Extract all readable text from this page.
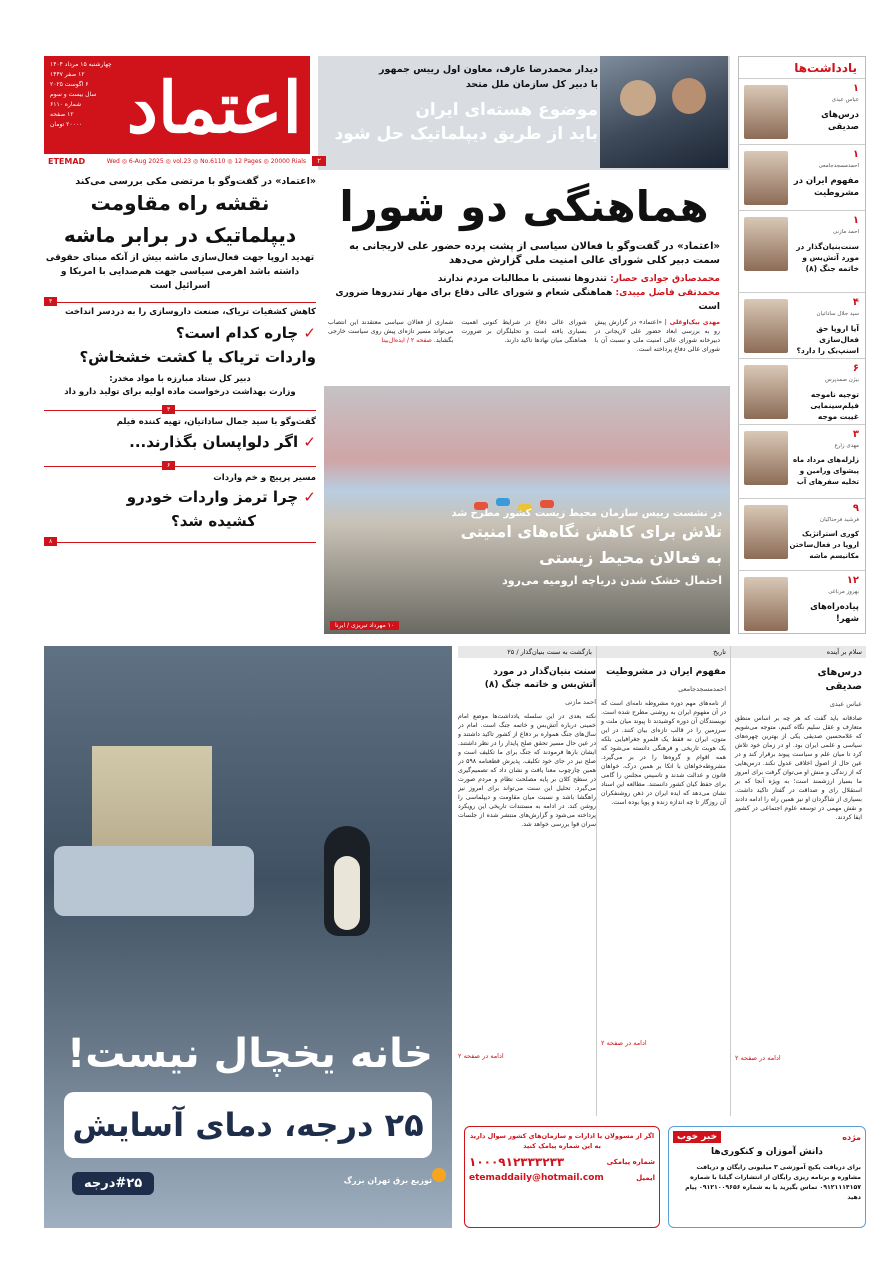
اعتماد
چهارشنبه ۱۵ مرداد ۱۴۰۴
۱۲ صفر ۱۴۴۷
۶ اگوست ۲۰۲۵
سال بیست و سوم
شماره ۶۱۱۰
۱۲ صفحه
۲۰۰۰۰ تومان
ETEMAD	Wed ◎ 6-Aug 2025 ◎ vol.23 ◎ No.6110 ◎ 12 Pages ◎ 20000 Rials
دیدار محمدرضا عارف، معاون اول رییس جمهور
با دبیر کل سازمان ملل متحد
موضوع هسته‌ای ایران
باید از طریق دیپلماتیک حل شود
۲
هماهنگی دو شورا
«اعتماد» در گفت‌وگو با فعالان سیاسی از پشت پرده حضور علی لاریجانی به سمت دبیر کلی شورای عالی امنیت ملی گزارش می‌دهد
محمدصادق جوادی حصار: تندروها نسبتی با مطالبات مردم ندارند
محمدتقی فاضل میبدی: هماهنگی شعام و شورای عالی دفاع برای مهار تندروها ضروری است
مهدی بیک‌اوغلی | «اعتماد» در گزارش پیش رو به بررسی ابعاد حضور علی لاریجانی در دبیرخانه شورای عالی امنیت ملی و نسبت آن با شورای عالی دفاع پرداخته است.
شورای عالی دفاع در شرایط کنونی اهمیت بسیاری یافته است و تحلیلگران بر ضرورت هماهنگی میان نهادها تاکید دارند.
شماری از فعالان سیاسی معتقدند این انتصاب می‌تواند مسیر تازه‌ای پیش روی سیاست خارجی بگشاید. صفحه ۲ / ایده‌ال‌بینا
در نشست رییس سازمان محیط زیست کشور مطرح شد
تلاش برای کاهش نگاه‌های امنیتی
به فعالان محیط زیستی
احتمال خشک شدن دریاچه ارومیه می‌رود
۱۰ مهرداد تبریزی / ایرنا
«اعتماد» در گفت‌وگو با مرتضی مکی بررسی می‌کند
نقشه راه مقاومت
دیپلماتیک در برابر ماشه
تهدید اروپا جهت فعال‌سازی ماشه بیش از آنکه مبنای حقوقی داشته باشد اهرمی سیاسی جهت هم‌صدایی با امریکا و اسرائیل است
۴
کاهش کشفیات تریاک، صنعت دارو‌سازی را به دردسر انداخت
✓ چاره کدام است؟
واردات تریاک یا کشت خشخاش؟
دبیر کل ستاد مبارزه با مواد مخدر:
وزارت بهداشت درخواست ماده اولیه برای تولید دارو داد
۳
گفت‌وگو با سید جمال ساداتیان، تهیه کننده فیلم
✓ اگر دلواپسان بگذارند...
۶
مسیر پرپیچ و خم واردات
✓ چرا ترمز واردات خودرو
کشیده شد؟
۸
یادداشت‌ها
۱
عباس عبدی
درس‌های صدیقی
۱
احمدمسجدجامعی
مفهوم ایران در مشروطیت
۱
احمد مازنی
سنت‌بنیان‌گذار در مورد آتش‌بس و خاتمه جنگ (۸)
۴
سید جلال ساداتیان
آیا اروپا حق فعال‌سازی اسنپ‌بک را دارد؟
۶
بیژن صمدپرس
توجیه ناموجه فیلم‌سینمایی غیبت موجه
۳
مهدی زارع
زلزله‌های مرداد ماه پیشوای ورامین و تخلیه سفرهای آب
۹
فرشید فرحناکیان
کوری استراتژیک اروپا در فعال‌ساختن مکانیسم ماشه
۱۲
بهروز مرباغی
پیاده‌راه‌های شهر!
خانه یخچال نیست!
۲۵ درجه، دمای آسایش
#۲۵درجه	توزیع برق تهران بزرگ
بازگشت به سنت بنیان‌گذار / ۲۵
سنت بنیان‌گذار در مورد آتش‌بس و خاتمه جنگ (۸)
احمد مازنی
نکته بعدی در این سلسله یادداشت‌ها موضع امام خمینی درباره آتش‌بس و خاتمه جنگ است. امام در سال‌های جنگ همواره بر دفاع از کشور تاکید داشتند و در عین حال مسیر تحقق صلح پایدار را در نظر داشتند. ایشان بارها فرمودند که جنگ برای ما تکلیف است و صلح نیز در جای خود تکلیف. پذیرش قطعنامه ۵۹۸ در همین چارچوب معنا یافت و نشان داد که تصمیم‌گیری در سطح کلان بر پایه مصلحت نظام و مردم صورت می‌گیرد. تحلیل این سنت می‌تواند برای امروز نیز راهگشا باشد و نسبت میان مقاومت و دیپلماسی را روشن کند. در ادامه به مستندات تاریخی این رویکرد پرداخته می‌شود و گزارش‌های منتشر شده از جلسات سران قوا بررسی خواهد شد.
ادامه در صفحه ۲
تاریخ
مفهوم ایران در مشروطیت
احمدمسجدجامعی
از نامه‌های مهم دوره مشروطه نامه‌ای است که در آن مفهوم ایران به روشنی مطرح شده است. نویسندگان آن دوره کوشیدند تا پیوند میان ملت و سرزمین را در قالب تازه‌ای بیان کنند. در این متون، ایران نه فقط یک قلمرو جغرافیایی بلکه یک هویت تاریخی و فرهنگی دانسته می‌شود که همه اقوام و گروه‌ها را در بر می‌گیرد. مشروطه‌خواهان با اتکا بر همین درک، خواهان قانون و عدالت شدند و تاسیس مجلس را گامی برای حفظ کیان کشور دانستند. مطالعه این اسناد نشان می‌دهد که ایده ایران در ذهن روشنفکران آن روزگار تا چه اندازه زنده و پویا بوده است.
ادامه در صفحه ۲
سلام بر آینده
درس‌های صدیقی
عباس عبدی
صادقانه باید گفت که هر چه بر اساس منطق متعارف و عقل سلیم نگاه کنیم، متوجه می‌شویم که غلامحسین صدیقی یکی از بهترین چهره‌های سیاسی و علمی ایران بود. او در زمان خود تلاش کرد تا میان علم و سیاست پیوند برقرار کند و در عین حال از اصول اخلاقی عدول نکند. درس‌هایی که از زندگی و منش او می‌توان گرفت برای امروز ما بسیار ارزشمند است؛ به ویژه آنجا که بر استقلال رای و صداقت در گفتار تاکید داشت. بسیاری از شاگردان او نیز همین راه را ادامه دادند و نقش مهمی در توسعه علوم اجتماعی در کشور ایفا کردند.
ادامه در صفحه ۲
اگر از مسوولان یا ادارات و سازمان‌های کشور سوال دارید به این شماره پیامک کنید
شماره پیامکی
۱۰۰۰۹۱۲۳۳۳۲۳۳
ایمیل
etemaddaily@hotmail.com
مژده
خبر خوب
دانش آموزان و کنکوری‌ها
برای دریافت یکیج آموزشی ۳ میلیونی رایگان و دریافت مشاوره و برنامه ریزی رایگان از انتشارات گیلنا با شماره ۰۹۱۲۱۱۱۴۱۵۷ تماس بگیرید یا به شماره ۰۹۱۲۱۰۰۹۶۵۶ پیام دهید
